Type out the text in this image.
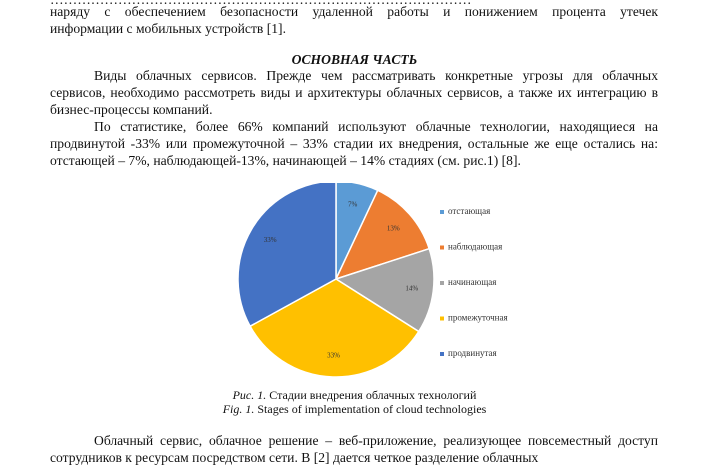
наряду с обеспечением безопасности удаленной работы и понижением процента утечек
информации с мобильных устройств [1].
ОСНОВНАЯ ЧАСТЬ
Виды облачных сервисов. Прежде чем рассматривать конкретные угрозы для облачных сервисов, необходимо рассмотреть виды и архитектуры облачных сервисов, а также их интеграцию в бизнес-процессы компаний.
По статистике, более 66% компаний используют облачные технологии, находящиеся на продвинутой -33% или промежуточной – 33% стадии их внедрения, остальные же еще остались на: отстающей – 7%, наблюдающей-13%, начинающей – 14% стадиях (см. рис.1) [8].
7%
13%
14%
33%
33%
отстающая
наблюдающая
начинающая
промежуточная
продвинутая
Рис. 1. Стадии внедрения облачных технологий
Fig. 1. Stages of implementation of cloud technologies
Облачный сервис, облачное решение – веб-приложение, реализующее повсеместный доступ сотрудников к ресурсам посредством сети. В [2] дается четкое разделение облачных
